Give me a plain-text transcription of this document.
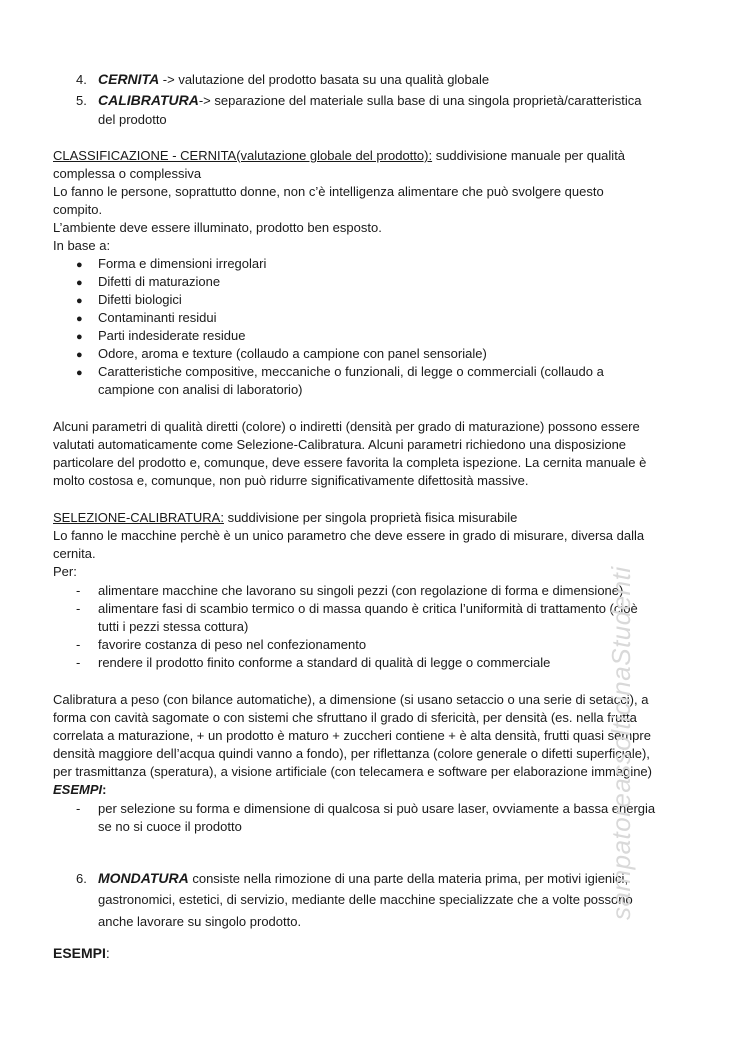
4. CERNITA -> valutazione del prodotto basata su una qualità globale
5. CALIBRATURA-> separazione del materiale sulla base di una singola proprietà/caratteristica
del prodotto
CLASSIFICAZIONE - CERNITA(valutazione globale del prodotto): suddivisione manuale per qualità
complessa o complessiva
Lo fanno le persone, soprattutto donne, non c’è intelligenza alimentare che può svolgere questo
compito.
L’ambiente deve essere illuminato, prodotto ben esposto.
In base a:
● Forma e dimensioni irregolari
● Difetti di maturazione
● Difetti biologici
● Contaminanti residui
● Parti indesiderate residue
● Odore, aroma e texture (collaudo a campione con panel sensoriale)
● Caratteristiche compositive, meccaniche o funzionali, di legge o commerciali (collaudo a
campione con analisi di laboratorio)
Alcuni parametri di qualità diretti (colore) o indiretti (densità per grado di maturazione) possono essere
valutati automaticamente come Selezione-Calibratura. Alcuni parametri richiedono una disposizione
particolare del prodotto e, comunque, deve essere favorita la completa ispezione. La cernita manuale è
molto costosa e, comunque, non può ridurre significativamente difettosità massive.
SELEZIONE-CALIBRATURA: suddivisione per singola proprietà fisica misurabile
Lo fanno le macchine perchè è un unico parametro che deve essere in grado di misurare, diversa dalla
cernita.
Per:
- alimentare macchine che lavorano su singoli pezzi (con regolazione di forma e dimensione)
- alimentare fasi di scambio termico o di massa quando è critica l’uniformità di trattamento (cioè
tutti i pezzi stessa cottura)
- favorire costanza di peso nel confezionamento
- rendere il prodotto finito conforme a standard di qualità di legge o commerciale
Calibratura a peso (con bilance automatiche), a dimensione (si usano setaccio o una serie di setacci), a
forma con cavità sagomate o con sistemi che sfruttano il grado di sfericità, per densità (es. nella frutta
correlata a maturazione, + un prodotto è maturo + zuccheri contiene + è alta densità, frutti quasi sempre
densità maggiore dell’acqua quindi vanno a fondo), per riflettanza (colore generale o difetti superficiale),
per trasmittanza (speratura), a visione artificiale (con telecamera e software per elaborazione immagine)
ESEMPI:
- per selezione su forma e dimensione di qualcosa si può usare laser, ovviamente a bassa energia
se no si cuoce il prodotto
6. MONDATURA consiste nella rimozione di una parte della materia prima, per motivi igienici,
gastronomici, estetici, di servizio, mediante delle macchine specializzate che a volte possono
anche lavorare su singolo prodotto.
ESEMPI:
sampatoreassolticinaStudenti
